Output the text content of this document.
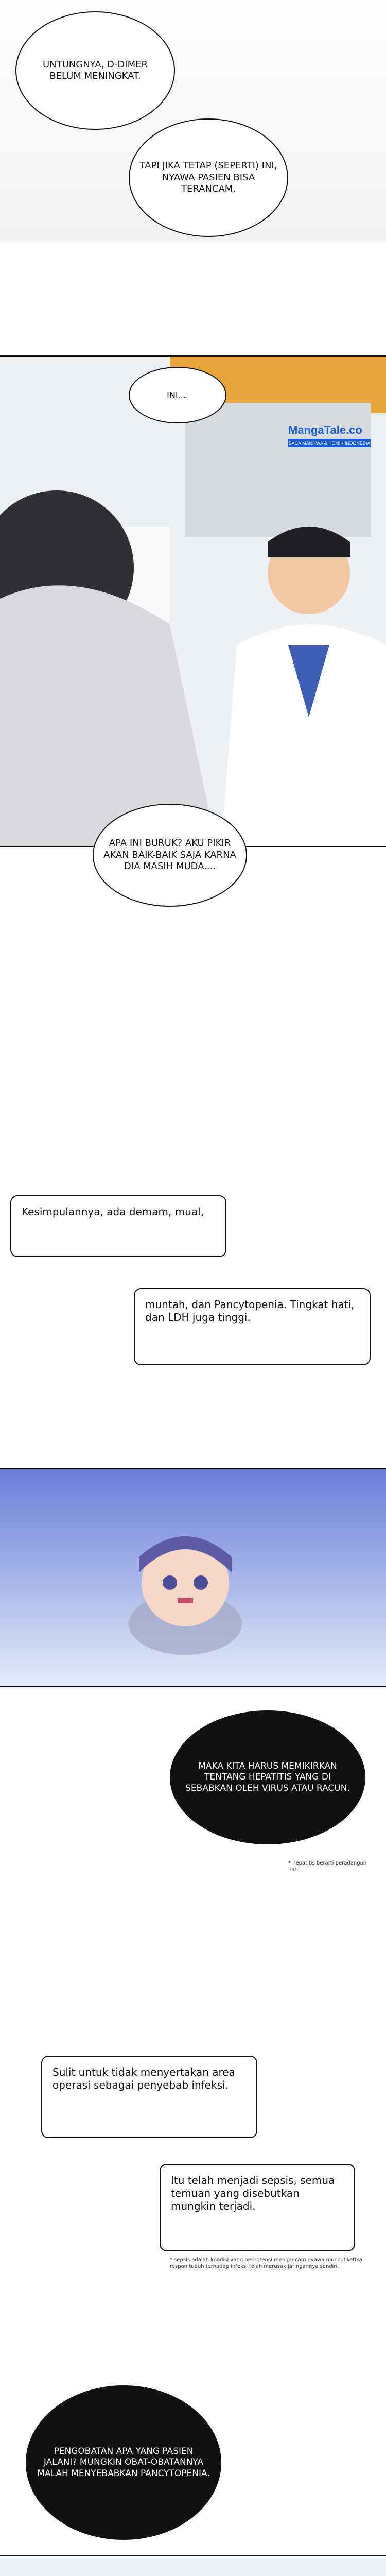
UNTUNGNYA, D-DIMER BELUM MENINGKAT.
TAPI JIKA TETAP (SEPERTI) INI, NYAWA PASIEN BISA TERANCAM.
INI....
MangaTale.co
BACA MANHWA & KOMIK INDONESIA
APA INI BURUK? AKU PIKIR AKAN BAIK-BAIK SAJA KARNA DIA MASIH MUDA....
Kesimpulannya, ada demam, mual,
muntah, dan Pancytopenia. Tingkat hati, dan LDH juga tinggi.
MAKA KITA HARUS MEMIKIRKAN TENTANG HEPATITIS YANG DI SEBABKAN OLEH VIRUS ATAU RACUN.
* hepatitis berarti peradangan hati
Sulit untuk tidak menyertakan area operasi sebagai penyebab infeksi.
Itu telah menjadi sepsis, semua temuan yang disebutkan mungkin terjadi.
* sepsis adalah kondisi yang berpotensi mengancam nyawa muncul ketika respon tubuh terhadap infeksi telah merusak jaringannya sendiri.
PENGOBATAN APA YANG PASIEN JALANI? MUNGKIN OBAT-OBATANNYA MALAH MENYEBABKAN PANCYTOPENIA.
